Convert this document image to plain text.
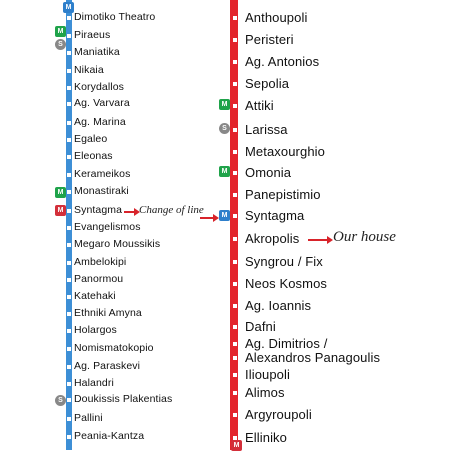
Dimotiko Theatro
Piraeus
Maniatika
Nikaia
Korydallos
Ag. Varvara
Ag. Marina
Egaleo
Eleonas
Kerameikos
Monastiraki
Syntagma
Evangelismos
Megaro Moussikis
Ambelokipi
Panormou
Katehaki
Ethniki Amyna
Holargos
Nomismatokopio
Ag. Paraskevi
Halandri
Doukissis Plakentias
Pallini
Peania-Kantza
Anthoupoli
Peristeri
Ag. Antonios
Sepolia
Attiki
Larissa
Metaxourghio
Omonia
Panepistimio
Syntagma
Akropolis
Syngrou / Fix
Neos Kosmos
Ag. Ioannis
Dafni
Ag. Dimitrios /
Alexandros Panagoulis
Ilioupoli
Alimos
Argyroupoli
Elliniko
M
M
S
M
M
S
M
S
M
M
M
Change of line
Our house
